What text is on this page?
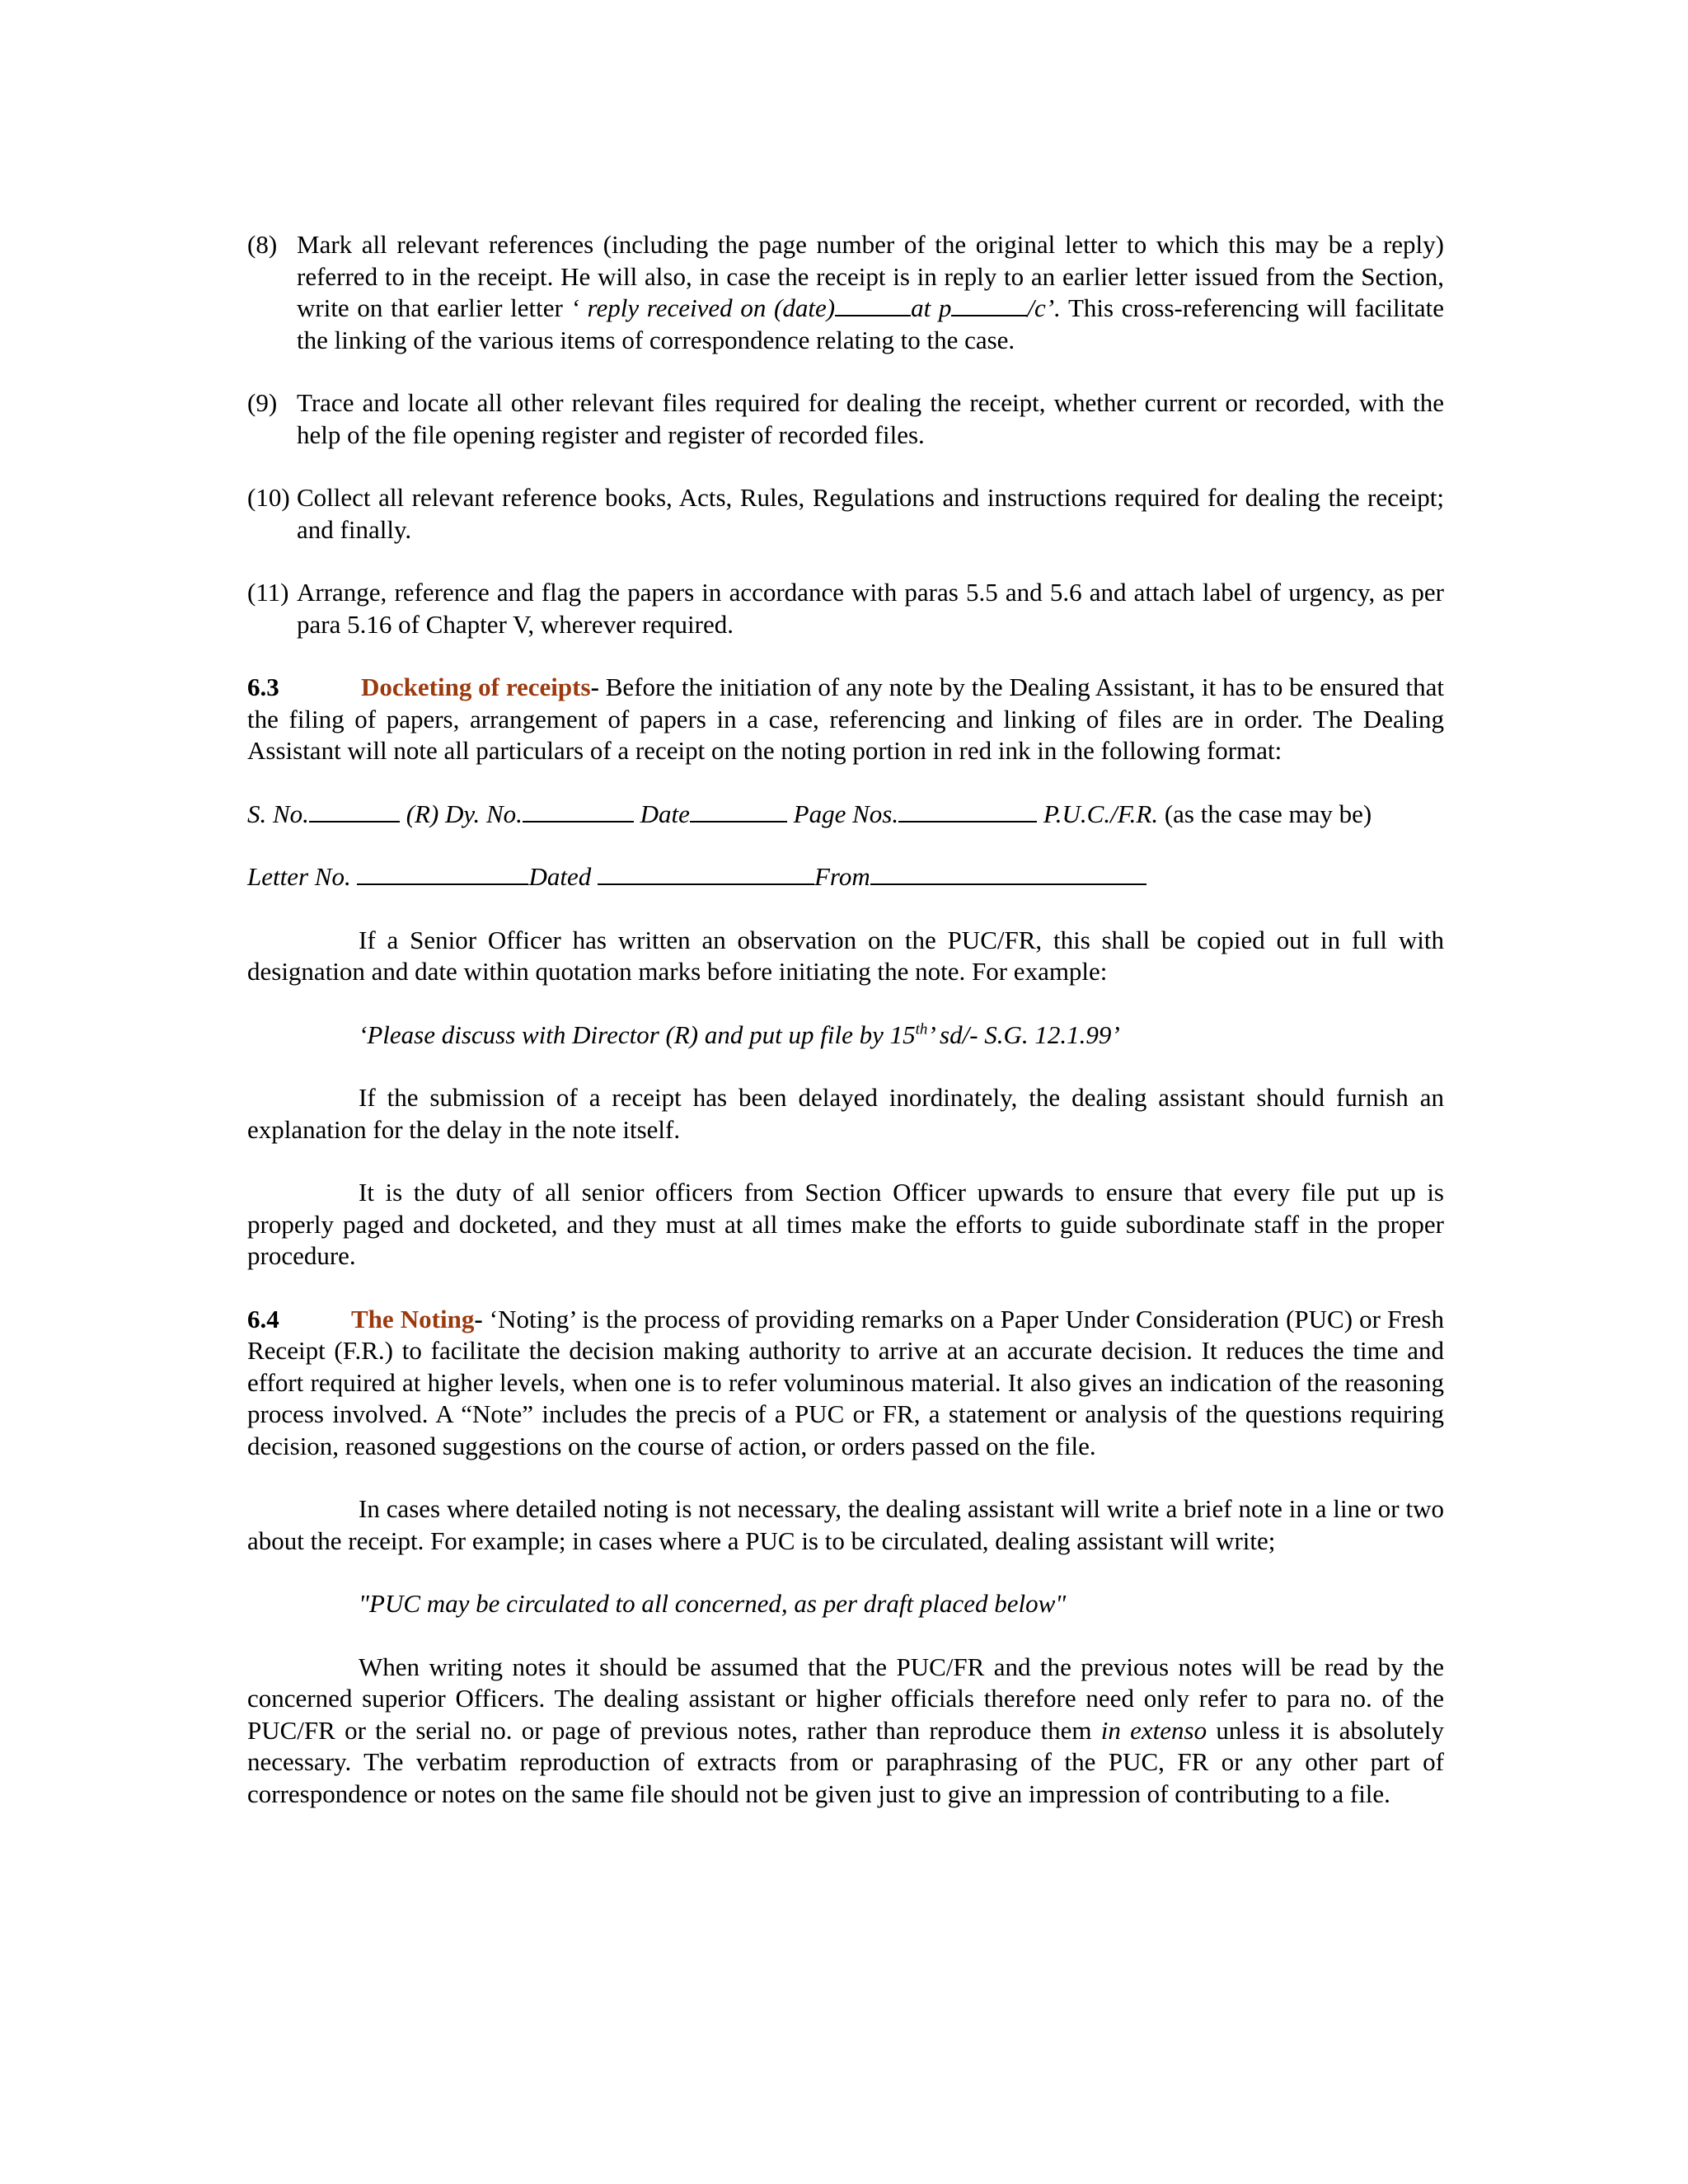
(8) Mark all relevant references (including the page number of the original letter to which this may be a reply) referred to in the receipt. He will also, in case the receipt is in reply to an earlier letter issued from the Section, write on that earlier letter ‘ reply received on (date)	at p	/c’. This cross-referencing will facilitate the linking of the various items of correspondence relating to the case.

(9) Trace and locate all other relevant files required for dealing the receipt, whether current or recorded, with the help of the file opening register and register of recorded files.

(10) Collect all relevant reference books, Acts, Rules, Regulations and instructions required for dealing the receipt; and finally.

(11) Arrange, reference and flag the papers in accordance with paras 5.5 and 5.6 and attach label of urgency, as per para 5.16 of Chapter V, wherever required.

6.3	Docketing of receipts- Before the initiation of any note by the Dealing Assistant, it has to be ensured that the filing of papers, arrangement of papers in a case, referencing and linking of files are in order. The Dealing Assistant will note all particulars of a receipt on the noting portion in red ink in the following format:

S. No.	(R) Dy. No.	Date	Page Nos.	P.U.C./F.R. (as the case may be)

Letter No.	Dated	From

If a Senior Officer has written an observation on the PUC/FR, this shall be copied out in full with designation and date within quotation marks before initiating the note. For example:

‘Please discuss with Director (R) and put up file by 15th’ sd/- S.G. 12.1.99’

If the submission of a receipt has been delayed inordinately, the dealing assistant should furnish an explanation for the delay in the note itself.

It is the duty of all senior officers from Section Officer upwards to ensure that every file put up is properly paged and docketed, and they must at all times make the efforts to guide subordinate staff in the proper procedure.

6.4	The Noting- ‘Noting’ is the process of providing remarks on a Paper Under Consideration (PUC) or Fresh Receipt (F.R.) to facilitate the decision making authority to arrive at an accurate decision. It reduces the time and effort required at higher levels, when one is to refer voluminous material. It also gives an indication of the reasoning process involved. A “Note” includes the precis of a PUC or FR, a statement or analysis of the questions requiring decision, reasoned suggestions on the course of action, or orders passed on the file.

In cases where detailed noting is not necessary, the dealing assistant will write a brief note in a line or two about the receipt. For example; in cases where a PUC is to be circulated, dealing assistant will write;

"PUC may be circulated to all concerned, as per draft placed below"

When writing notes it should be assumed that the PUC/FR and the previous notes will be read by the concerned superior Officers. The dealing assistant or higher officials therefore need only refer to para no. of the PUC/FR or the serial no. or page of previous notes, rather than reproduce them in extenso unless it is absolutely necessary. The verbatim reproduction of extracts from or paraphrasing of the PUC, FR or any other part of correspondence or notes on the same file should not be given just to give an impression of contributing to a file.
